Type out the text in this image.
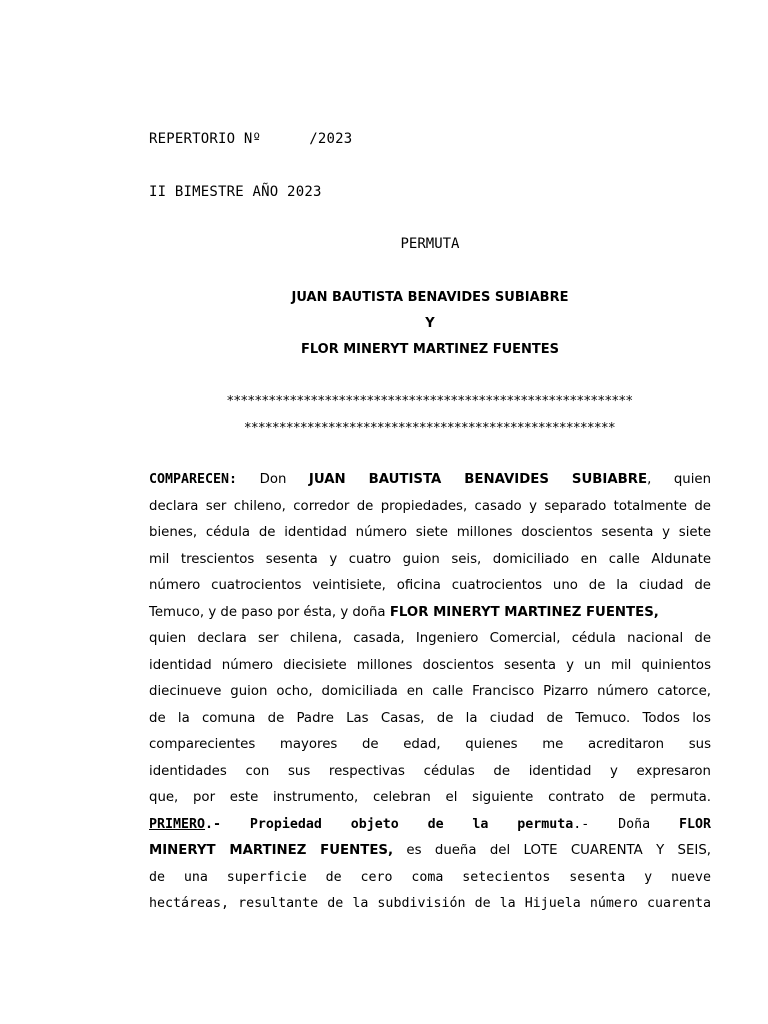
REPERTORIO Nº	/2023
II BIMESTRE AÑO 2023
PERMUTA
JUAN BAUTISTA BENAVIDES SUBIABRE
Y
FLOR MINERYT MARTINEZ FUENTES
**********************************************************
*****************************************************
COMPARECEN: Don JUAN BAUTISTA BENAVIDES SUBIABRE, quien
declara ser chileno, corredor de propiedades, casado y separado totalmente de
bienes, cédula de identidad número siete millones doscientos sesenta y siete
mil trescientos sesenta y cuatro guion seis, domiciliado en calle Aldunate
número cuatrocientos veintisiete, oficina cuatrocientos uno de la ciudad de
Temuco, y de paso por ésta, y doña FLOR MINERYT MARTINEZ FUENTES,
quien declara ser chilena, casada, Ingeniero Comercial, cédula nacional de
identidad número diecisiete millones doscientos sesenta y un mil quinientos
diecinueve guion ocho, domiciliada en calle Francisco Pizarro número catorce,
de la comuna de Padre Las Casas, de la ciudad de Temuco. Todos los
comparecientes mayores de edad, quienes me acreditaron sus
identidades con sus respectivas cédulas de identidad y expresaron
que, por este instrumento, celebran el siguiente contrato de permuta.
PRIMERO.- Propiedad objeto de la permuta.- Doña FLOR
MINERYT MARTINEZ FUENTES, es dueña del LOTE CUARENTA Y SEIS,
de una superficie de cero coma setecientos sesenta y nueve
hectáreas, resultante de la subdivisión de la Hijuela número cuarenta
